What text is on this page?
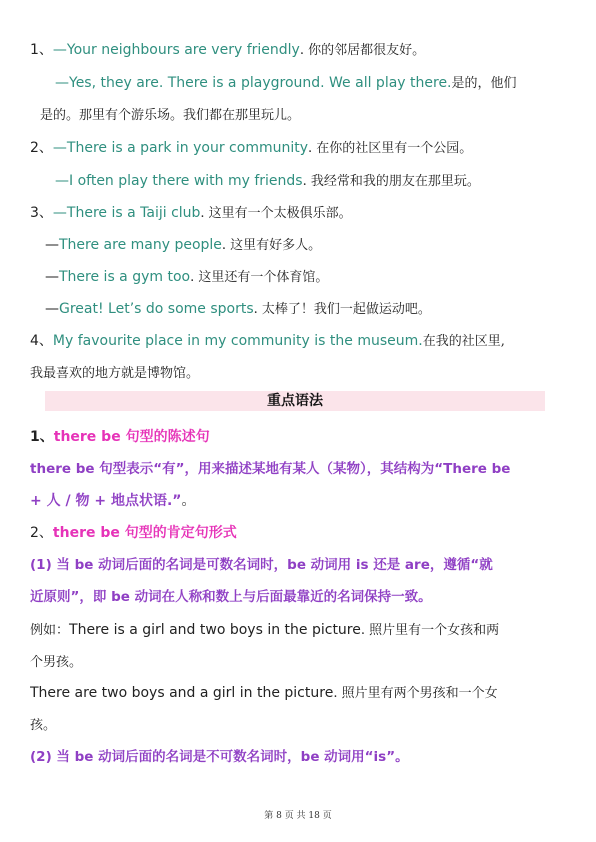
1、—Your neighbours are very friendly. 你的邻居都很友好。
—Yes, they are. There is a playground. We all play there.是的，他们
是的。那里有个游乐场。我们都在那里玩儿。
2、—There is a park in your community. 在你的社区里有一个公园。
—I often play there with my friends. 我经常和我的朋友在那里玩。
3、—There is a Taiji club. 这里有一个太极俱乐部。
—There are many people. 这里有好多人。
—There is a gym too. 这里还有一个体育馆。
—Great! Let’s do some sports. 太棒了！我们一起做运动吧。
4、My favourite place in my community is the museum.在我的社区里,
我最喜欢的地方就是博物馆。
重点语法
1、there be 句型的陈述句
there be 句型表示“有”，用来描述某地有某人（某物），其结构为“There be
+ 人 / 物 + 地点状语.”。
2、there be 句型的肯定句形式
(1) 当 be 动词后面的名词是可数名词时，be 动词用 is 还是 are，遵循“就
近原则”，即 be 动词在人称和数上与后面最靠近的名词保持一致。
例如：There is a girl and two boys in the picture. 照片里有一个女孩和两
个男孩。
There are two boys and a girl in the picture. 照片里有两个男孩和一个女
孩。
(2) 当 be 动词后面的名词是不可数名词时，be 动词用“is”。
第 8 页 共 18 页
